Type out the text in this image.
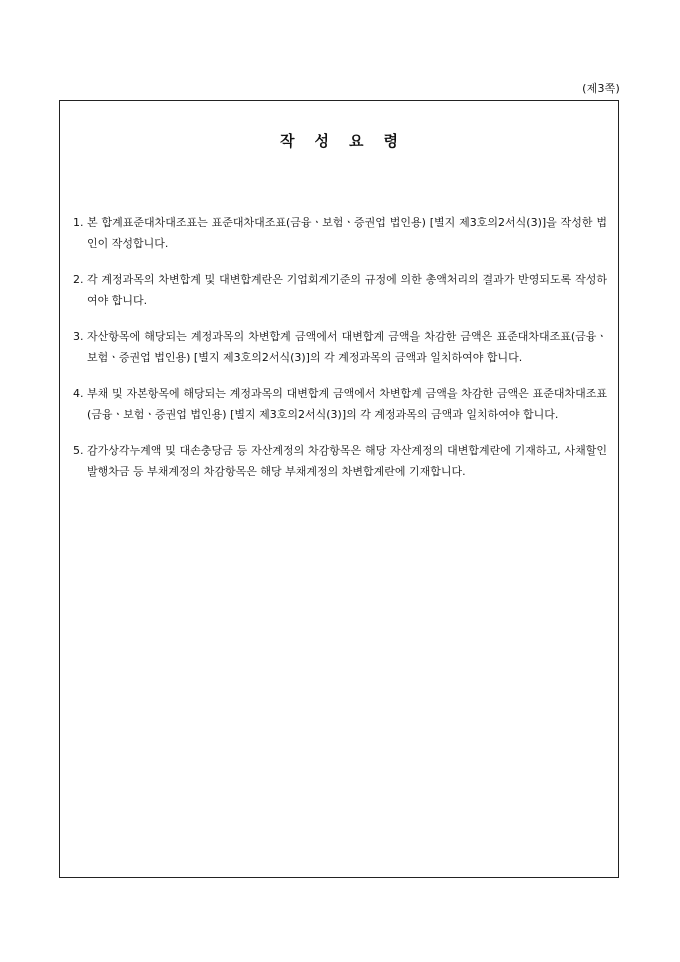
(제3쪽)
작 성 요 령
1. 본 합계표준대차대조표는 표준대차대조표(금융ㆍ보험ㆍ증권업 법인용) [별지 제3호의2서식(3)]을 작성한 법인이 작성합니다.
2. 각 계정과목의 차변합계 및 대변합계란은 기업회계기준의 규정에 의한 총액처리의 결과가 반영되도록 작성하여야 합니다.
3. 자산항목에 해당되는 계정과목의 차변합계 금액에서 대변합계 금액을 차감한 금액은 표준대차대조표(금융ㆍ보험ㆍ증권업 법인용) [별지 제3호의2서식(3)]의 각 계정과목의 금액과 일치하여야 합니다.
4. 부채 및 자본항목에 해당되는 계정과목의 대변합계 금액에서 차변합계 금액을 차감한 금액은 표준대차대조표(금융ㆍ보험ㆍ증권업 법인용) [별지 제3호의2서식(3)]의 각 계정과목의 금액과 일치하여야 합니다.
5. 감가상각누계액 및 대손충당금 등 자산계정의 차감항목은 해당 자산계정의 대변합계란에 기재하고, 사채할인발행차금 등 부채계정의 차감항목은 해당 부채계정의 차변합계란에 기재합니다.
